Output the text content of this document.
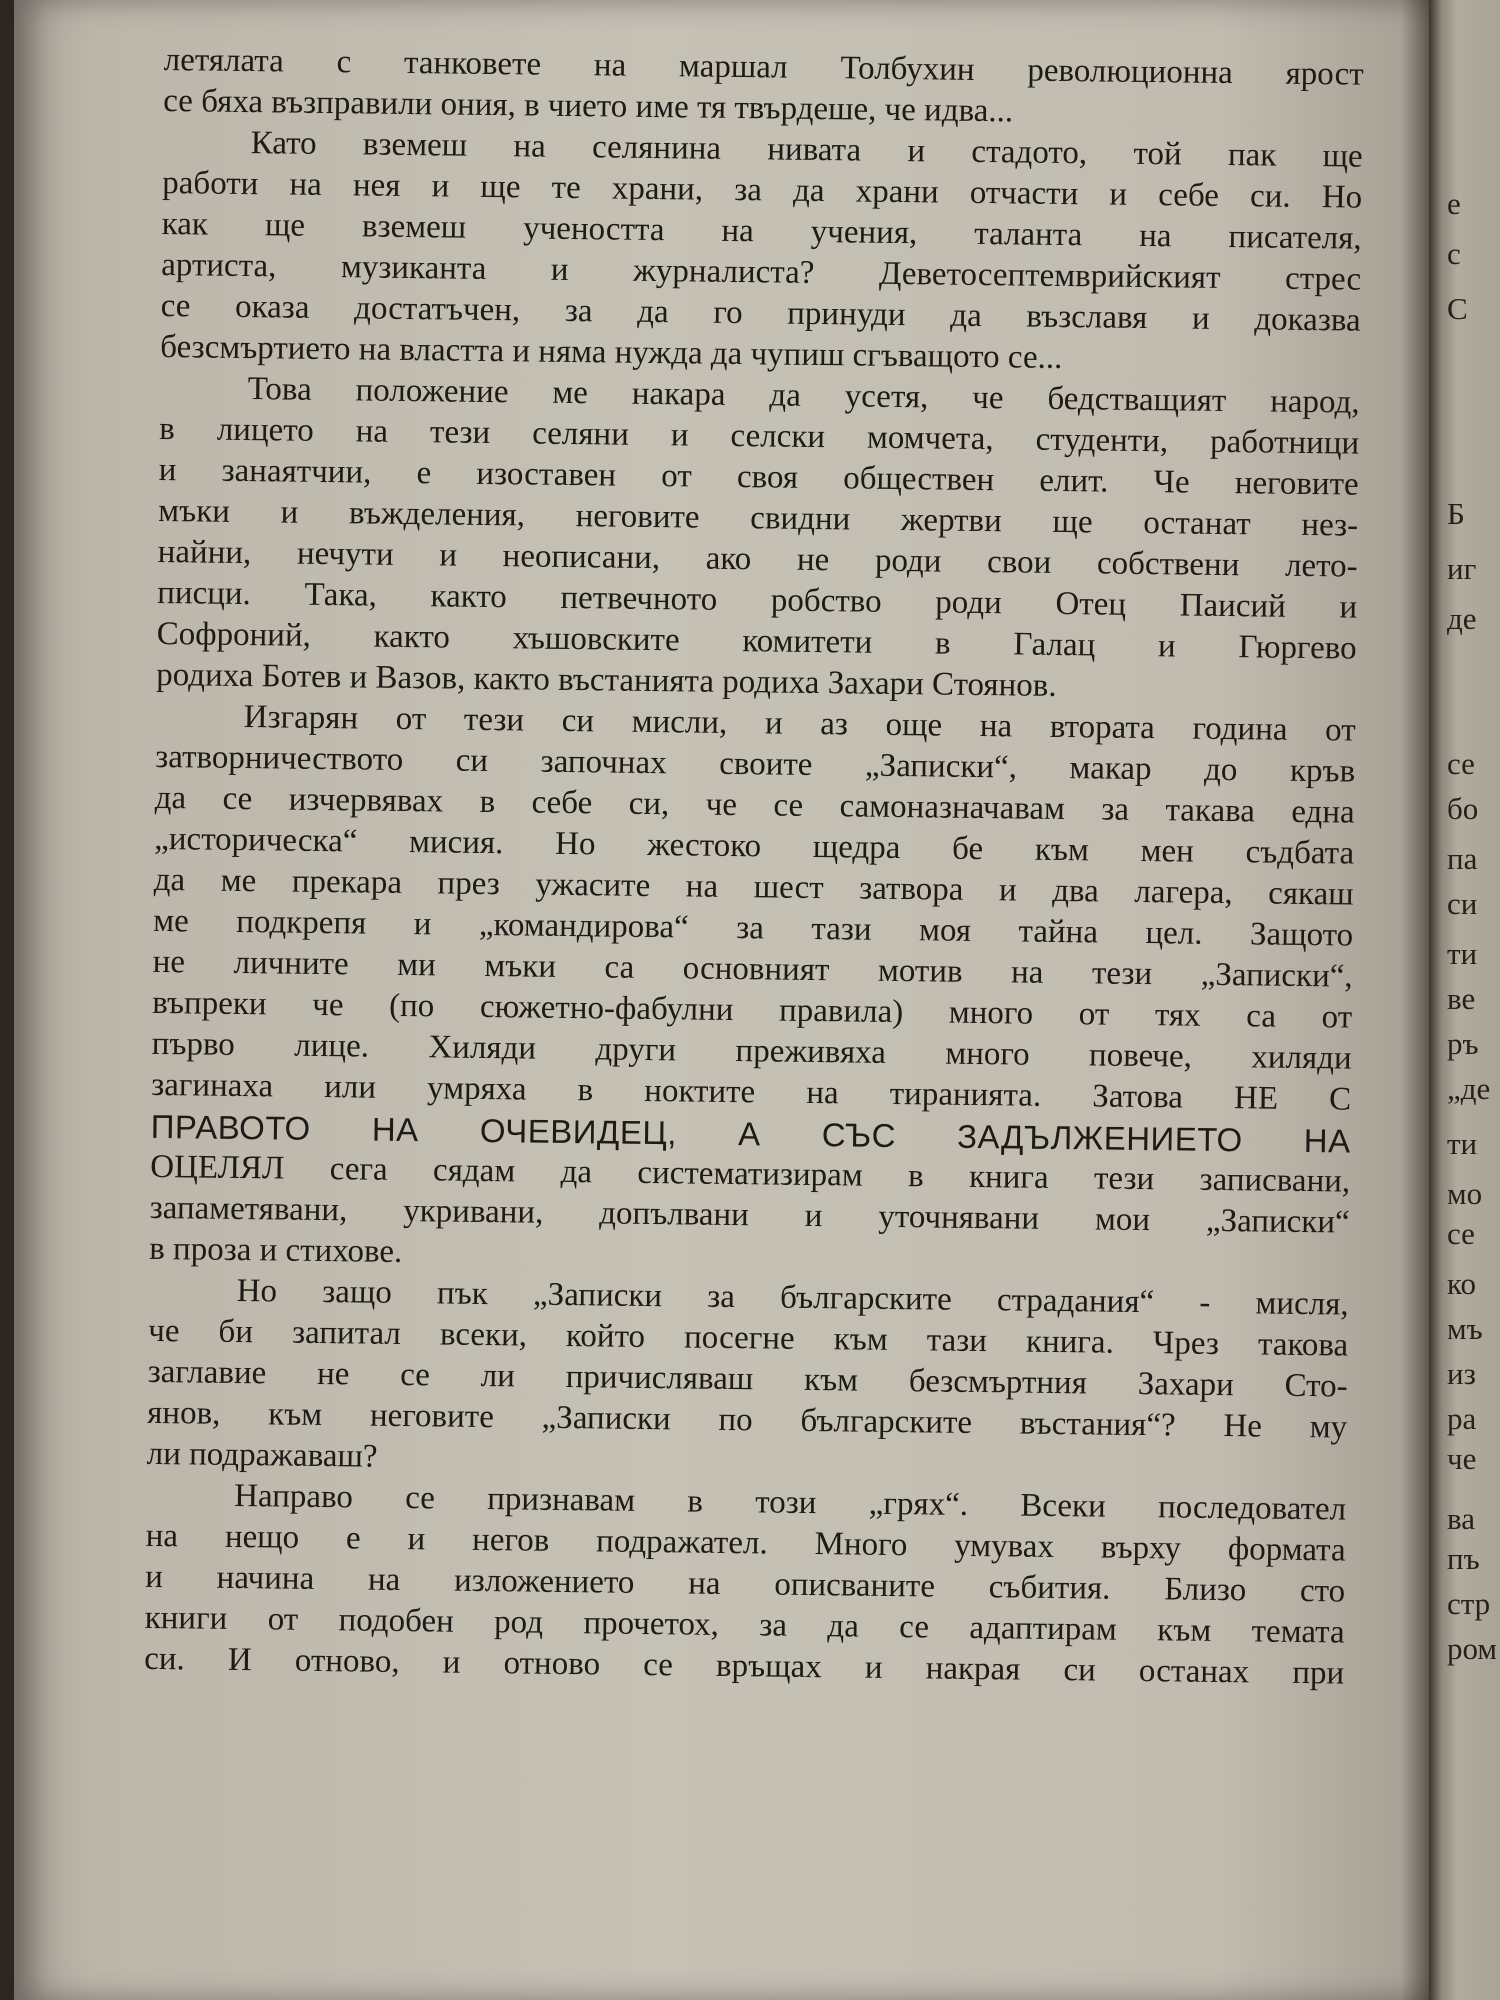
летялата с танковете на маршал Толбухин революционна ярост
се бяха възправили ония, в чието име тя твърдеше, че идва...
Като вземеш на селянина нивата и стадото, той пак ще
работи на нея и ще те храни, за да храни отчасти и себе си. Но
как ще вземеш учеността на учения, таланта на писателя,
артиста, музиканта и журналиста? Деветосептемврийският стрес
се оказа достатъчен, за да го принуди да възславя и доказва
безсмъртието на властта и няма нужда да чупиш сгъващото се...
Това положение ме накара да усетя, че бедстващият народ,
в лицето на тези селяни и селски момчета, студенти, работници
и занаятчии, е изоставен от своя обществен елит. Че неговите
мъки и въжделения, неговите свидни жертви ще останат нез-
найни, нечути и неописани, ако не роди свои собствени лето-
писци. Така, както петвечното робство роди Отец Паисий и
Софроний, както хъшовските комитети в Галац и Гюргево
родиха Ботев и Вазов, както въстанията родиха Захари Стоянов.
Изгарян от тези си мисли, и аз още на втората година от
затворничеството си започнах своите „Записки“, макар до кръв
да се изчервявах в себе си, че се самоназначавам за такава една
„историческа“ мисия. Но жестоко щедра бе към мен съдбата
да ме прекара през ужасите на шест затвора и два лагера, сякаш
ме подкрепя и „командирова“ за тази моя тайна цел. Защото
не личните ми мъки са основният мотив на тези „Записки“,
въпреки че (по сюжетно-фабулни правила) много от тях са от
първо лице. Хиляди други преживяха много повече, хиляди
загинаха или умряха в ноктите на тиранията. Затова НЕ С
ПРАВОТО НА ОЧЕВИДЕЦ, А СЪС ЗАДЪЛЖЕНИЕТО НА
ОЦЕЛЯЛ сега сядам да систематизирам в книга тези записвани,
запаметявани, укривани, допълвани и уточнявани мои „Записки“
в проза и стихове.
Но защо пък „Записки за българските страдания“ - мисля,
че би запитал всеки, който посегне към тази книга. Чрез такова
заглавие не се ли причисляваш към безсмъртния Захари Сто-
янов, към неговите „Записки по българските въстания“? Не му
ли подражаваш?
Направо се признавам в този „грях“. Всеки последовател
на нещо е и негов подражател. Много умувах върху формата
и начина на изложението на описваните събития. Близо сто
книги от подобен род прочетох, за да се адаптирам към темата
си. И отново, и отново се връщах и накрая си останах при
е
с
С
Б
иг
де
се
бо
па
си
ти
ве
ръ
„де
ти
мо
се
ко
мъ
из
ра
чe
ва
пъ
стр
ром
